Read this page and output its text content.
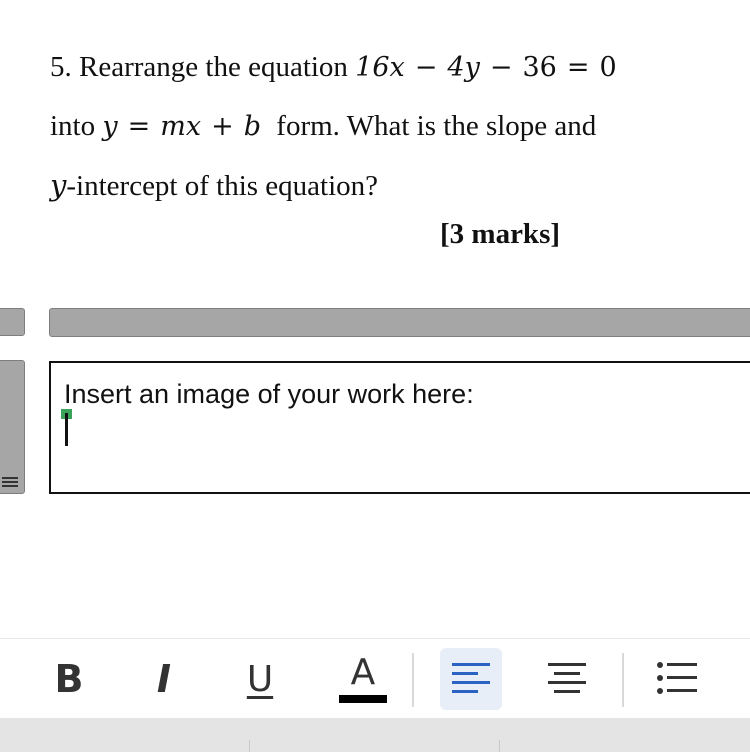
5. Rearrange the equation 16x − 4y − 36 = 0
into y = mx + b form. What is the slope and
y-intercept of this equation?
[3 marks]
Insert an image of your work here:
B	I	U	A
